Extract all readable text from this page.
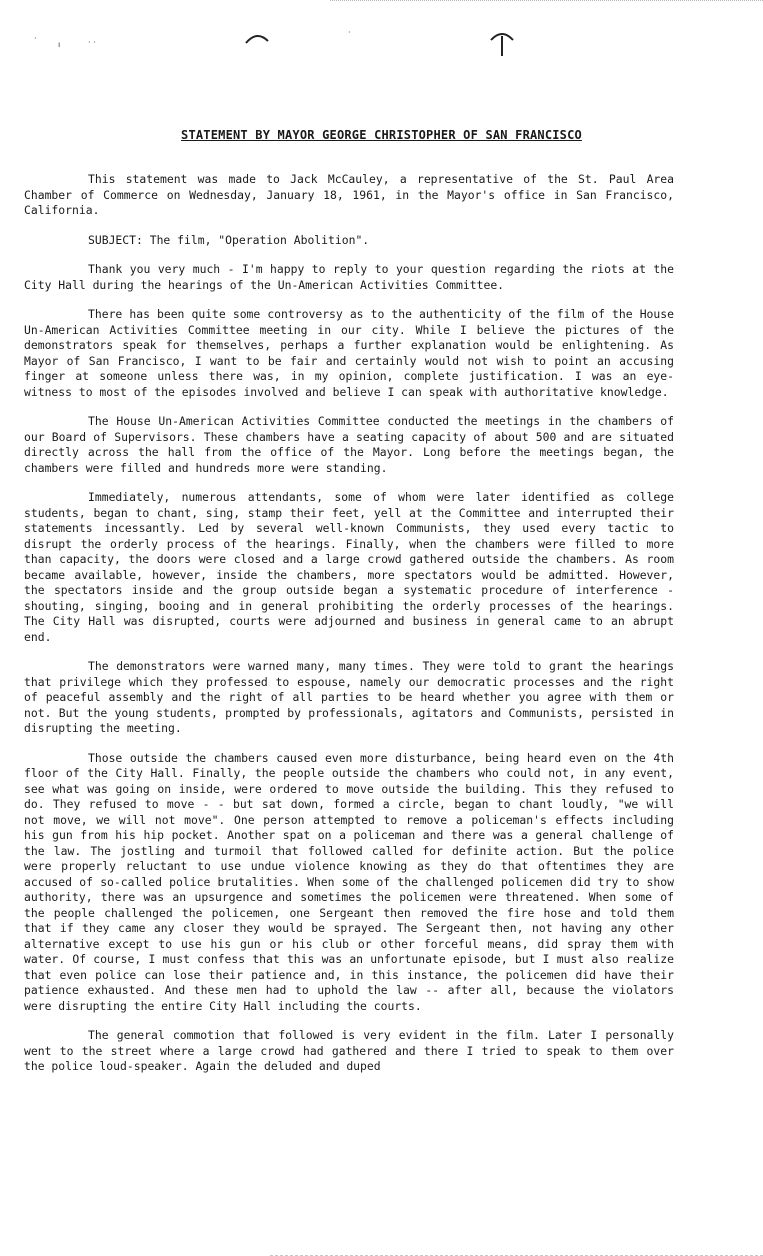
·
ı	· ·
·
STATEMENT BY MAYOR GEORGE CHRISTOPHER OF SAN FRANCISCO

This statement was made to Jack McCauley, a representative of the St. Paul Area Chamber of Commerce on Wednesday, January 18, 1961, in the Mayor's office in San Francisco, California.

SUBJECT: The film, "Operation Abolition".

Thank you very much - I'm happy to reply to your question regarding the riots at the City Hall during the hearings of the Un-American Activities Committee.

There has been quite some controversy as to the authenticity of the film of the House Un-American Activities Committee meeting in our city. While I believe the pictures of the demonstrators speak for themselves, perhaps a further explanation would be enlightening. As Mayor of San Francisco, I want to be fair and certainly would not wish to point an accusing finger at someone unless there was, in my opinion, complete justification. I was an eye-witness to most of the episodes involved and believe I can speak with authoritative knowledge.

The House Un-American Activities Committee conducted the meetings in the chambers of our Board of Supervisors. These chambers have a seating capacity of about 500 and are situated directly across the hall from the office of the Mayor. Long before the meetings began, the chambers were filled and hundreds more were standing.

Immediately, numerous attendants, some of whom were later identified as college students, began to chant, sing, stamp their feet, yell at the Committee and interrupted their statements incessantly. Led by several well-known Communists, they used every tactic to disrupt the orderly process of the hearings. Finally, when the chambers were filled to more than capacity, the doors were closed and a large crowd gathered outside the chambers. As room became available, however, inside the chambers, more spectators would be admitted. However, the spectators inside and the group outside began a systematic procedure of interference - shouting, singing, booing and in general prohibiting the orderly processes of the hearings. The City Hall was disrupted, courts were adjourned and business in general came to an abrupt end.

The demonstrators were warned many, many times. They were told to grant the hearings that privilege which they professed to espouse, namely our democratic processes and the right of peaceful assembly and the right of all parties to be heard whether you agree with them or not. But the young students, prompted by professionals, agitators and Communists, persisted in disrupting the meeting.

Those outside the chambers caused even more disturbance, being heard even on the 4th floor of the City Hall. Finally, the people outside the chambers who could not, in any event, see what was going on inside, were ordered to move outside the building. This they refused to do. They refused to move - - but sat down, formed a circle, began to chant loudly, "we will not move, we will not move". One person attempted to remove a policeman's effects including his gun from his hip pocket. Another spat on a policeman and there was a general challenge of the law. The jostling and turmoil that followed called for definite action. But the police were properly reluctant to use undue violence knowing as they do that oftentimes they are accused of so-called police brutalities. When some of the challenged policemen did try to show authority, there was an upsurgence and sometimes the policemen were threatened. When some of the people challenged the policemen, one Sergeant then removed the fire hose and told them that if they came any closer they would be sprayed. The Sergeant then, not having any other alternative except to use his gun or his club or other forceful means, did spray them with water. Of course, I must confess that this was an unfortunate episode, but I must also realize that even police can lose their patience and, in this instance, the policemen did have their patience exhausted. And these men had to uphold the law -- after all, because the violators were disrupting the entire City Hall including the courts.

The general commotion that followed is very evident in the film. Later I personally went to the street where a large crowd had gathered and there I tried to speak to them over the police loud-speaker. Again the deluded and duped
